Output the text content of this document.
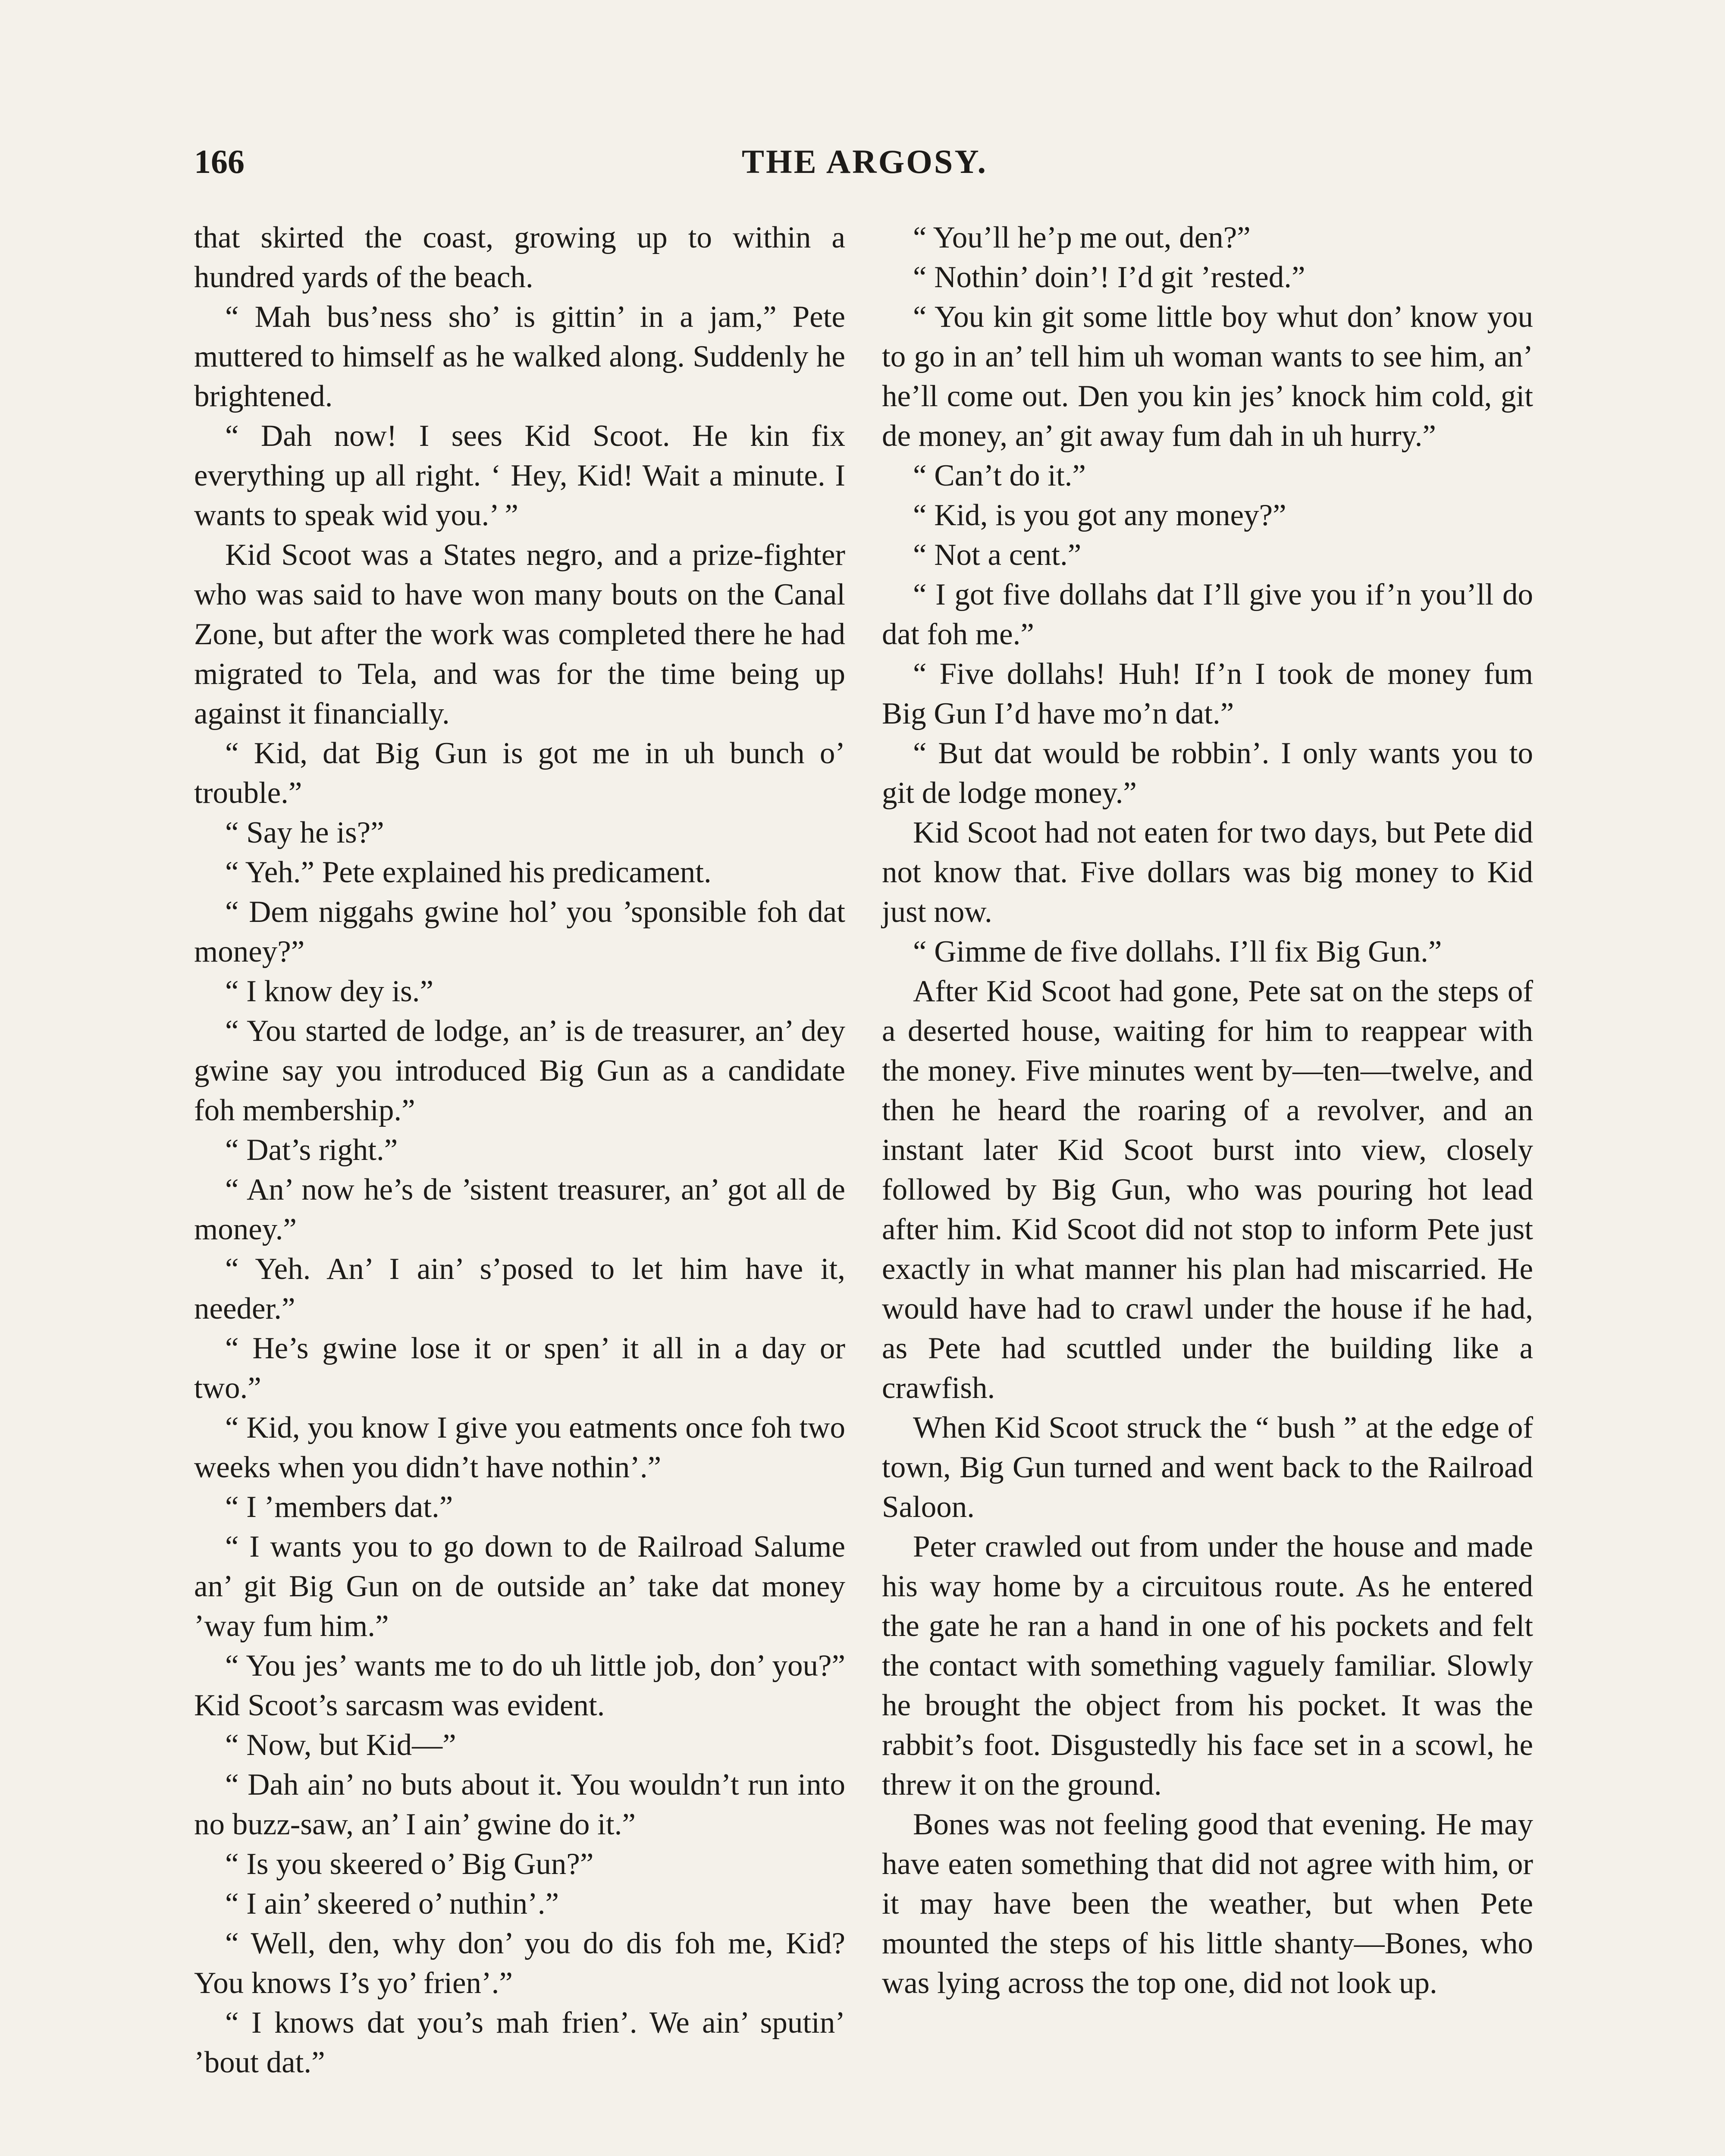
166	THE ARGOSY.

that skirted the coast, growing up to within a hundred yards of the beach.

“ Mah bus’ness sho’ is gittin’ in a jam,” Pete muttered to himself as he walked along. Suddenly he brightened.

“ Dah now! I sees Kid Scoot. He kin fix everything up all right. ‘ Hey, Kid! Wait a minute. I wants to speak wid you.’ ”

Kid Scoot was a States negro, and a prize-fighter who was said to have won many bouts on the Canal Zone, but after the work was completed there he had migrated to Tela, and was for the time being up against it financially.

“ Kid, dat Big Gun is got me in uh bunch o’ trouble.”

“ Say he is?”

“ Yeh.” Pete explained his predicament.

“ Dem niggahs gwine hol’ you ’sponsible foh dat money?”

“ I know dey is.”

“ You started de lodge, an’ is de treasurer, an’ dey gwine say you introduced Big Gun as a candidate foh membership.”

“ Dat’s right.”

“ An’ now he’s de ’sistent treasurer, an’ got all de money.”

“ Yeh. An’ I ain’ s’posed to let him have it, needer.”

“ He’s gwine lose it or spen’ it all in a day or two.”

“ Kid, you know I give you eatments once foh two weeks when you didn’t have nothin’.”

“ I ’members dat.”

“ I wants you to go down to de Railroad Salume an’ git Big Gun on de outside an’ take dat money ’way fum him.”

“ You jes’ wants me to do uh little job, don’ you?” Kid Scoot’s sarcasm was evident.

“ Now, but Kid—”

“ Dah ain’ no buts about it. You wouldn’t run into no buzz-saw, an’ I ain’ gwine do it.”

“ Is you skeered o’ Big Gun?”

“ I ain’ skeered o’ nuthin’.”

“ Well, den, why don’ you do dis foh me, Kid? You knows I’s yo’ frien’.”

“ I knows dat you’s mah frien’. We ain’ sputin’ ’bout dat.”

“ You’ll he’p me out, den?”

“ Nothin’ doin’! I’d git ’rested.”

“ You kin git some little boy whut don’ know you to go in an’ tell him uh woman wants to see him, an’ he’ll come out. Den you kin jes’ knock him cold, git de money, an’ git away fum dah in uh hurry.”

“ Can’t do it.”

“ Kid, is you got any money?”

“ Not a cent.”

“ I got five dollahs dat I’ll give you if’n you’ll do dat foh me.”

“ Five dollahs! Huh! If’n I took de money fum Big Gun I’d have mo’n dat.”

“ But dat would be robbin’. I only wants you to git de lodge money.”

Kid Scoot had not eaten for two days, but Pete did not know that. Five dollars was big money to Kid just now.

“ Gimme de five dollahs. I’ll fix Big Gun.”

After Kid Scoot had gone, Pete sat on the steps of a deserted house, waiting for him to reappear with the money. Five minutes went by—ten—twelve, and then he heard the roaring of a revolver, and an instant later Kid Scoot burst into view, closely followed by Big Gun, who was pouring hot lead after him. Kid Scoot did not stop to inform Pete just exactly in what manner his plan had miscarried. He would have had to crawl under the house if he had, as Pete had scuttled under the building like a crawfish.

When Kid Scoot struck the “ bush ” at the edge of town, Big Gun turned and went back to the Railroad Saloon.

Peter crawled out from under the house and made his way home by a circuitous route. As he entered the gate he ran a hand in one of his pockets and felt the contact with something vaguely familiar. Slowly he brought the object from his pocket. It was the rabbit’s foot. Disgustedly his face set in a scowl, he threw it on the ground.

Bones was not feeling good that evening. He may have eaten something that did not agree with him, or it may have been the weather, but when Pete mounted the steps of his little shanty—Bones, who was lying across the top one, did not look up.
